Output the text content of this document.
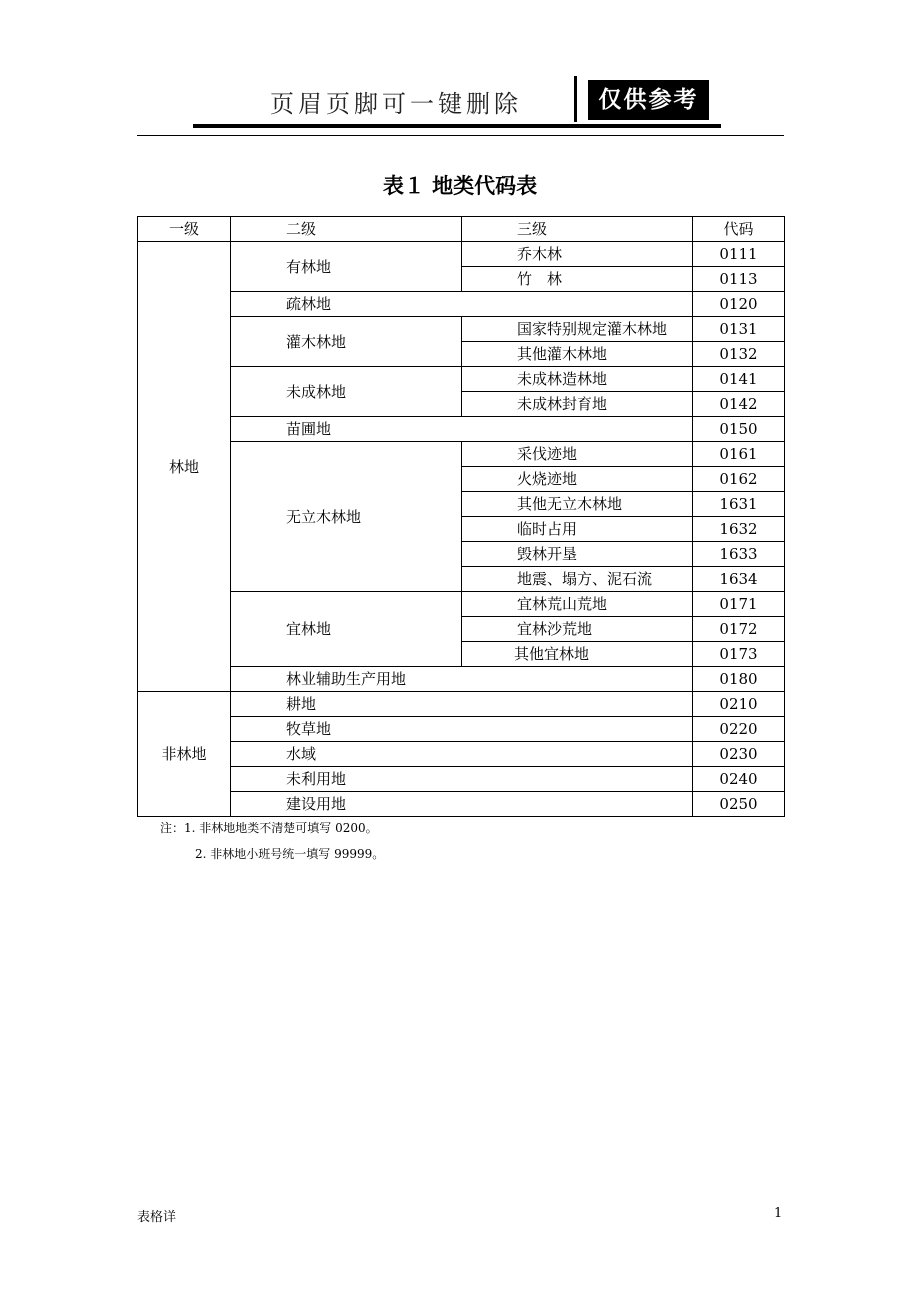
页眉页脚可一键删除	仅供参考
表１ 地类代码表
一级	二级	三级	代码
林地	有林地	乔木林	0111
		竹　林	0113
	疏林地		0120
	灌木林地	国家特别规定灌木林地	0131
		其他灌木林地	0132
	未成林地	未成林造林地	0141
		未成林封育地	0142
	苗圃地		0150
	无立木林地	采伐迹地	0161
		火烧迹地	0162
		其他无立木林地	1631
		临时占用	1632
		毁林开垦	1633
		地震、塌方、泥石流	1634
	宜林地	宜林荒山荒地	0171
		宜林沙荒地	0172
		其他宜林地	0173
	林业辅助生产用地		0180
非林地	耕地		0210
	牧草地		0220
	水域		0230
	未利用地		0240
	建设用地		0250
注：1. 非林地地类不清楚可填写 0200。
2. 非林地小班号统一填写 99999。
表格详	1
